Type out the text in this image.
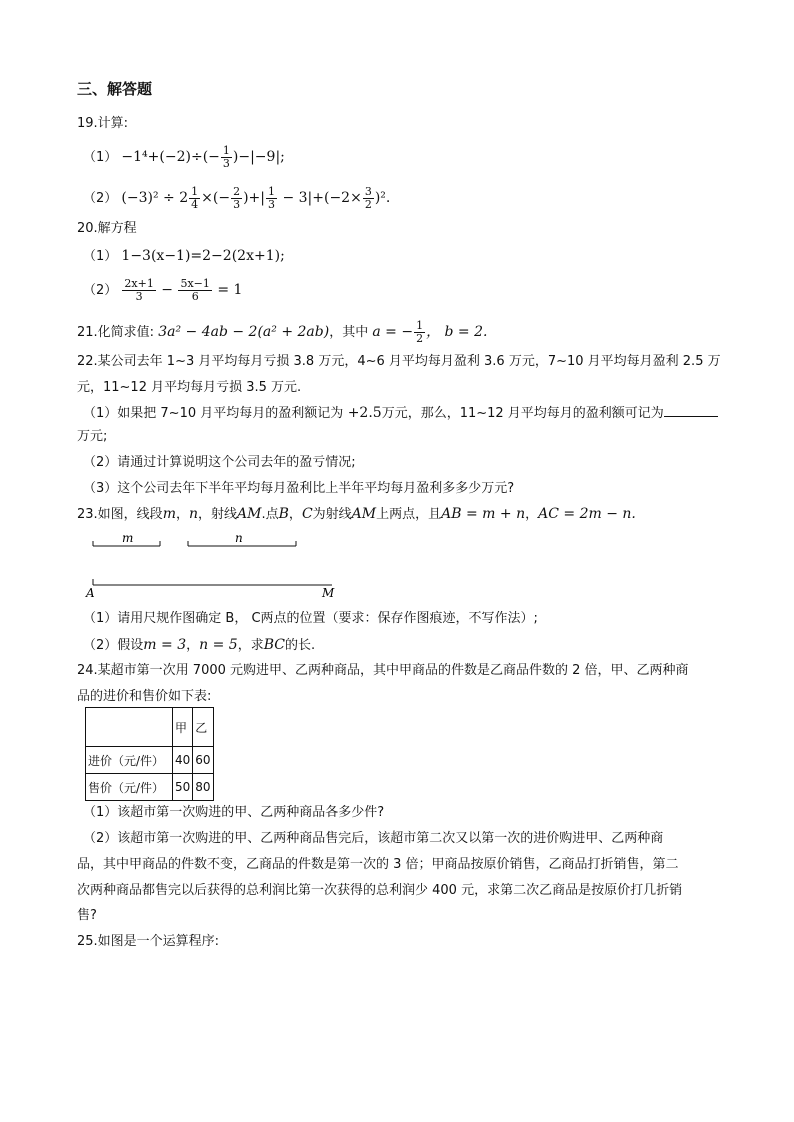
三、解答题
19.计算:
$(1) -1^4+(-2)\div(- \frac{1}{3} )-|-9|$;
（2） $(-3)^2 \div 2 \frac{1}{4}$ ×(− $\frac{2}{3}$ )+| $\frac{1}{3} - 3|+(-2\times \frac{3}{2} )^2$.
20.解方程
（1） 1−3(x−1)=2−2(2x+1);
$(2) \frac{2x+1}{3} - \frac{5x-1}{6} = 1$
21.化简求值: 3a² − 4ab − 2(a² + 2ab)，其中 a = − $\frac{1}{2}$ ， b = 2.
22.某公司去年 1~3 月平均每月亏损 3.8 万元，4~6 月平均每月盈利 3.6 万元，7~10 月平均每月盈利 2.5 万
元，11~12 月平均每月亏损 3.5 万元.
（1）如果把 7~10 月平均每月的盈利额记为 +2.5万元，那么，11~12 月平均每月的盈利额可记为
万元;
（2）请通过计算说明这个公司去年的盈亏情况;
（3）这个公司去年下半年平均每月盈利比上半年平均每月盈利多多少万元?
23.如图，线段m，n，射线AM.点B，C为射线AM上两点，且AB = m + n，AC = 2m − n.
m	n
A	M
（1）请用尺规作图确定 B， C两点的位置（要求：保存作图痕迹，不写作法）;
（2）假设m = 3，n = 5，求BC的长.
24.某超市第一次用 7000 元购进甲、乙两种商品，其中甲商品的件数是乙商品件数的 2 倍，甲、乙两种商
品的进价和售价如下表:
	甲	乙
进价（元/件）	40	60
售价（元/件）	50	80
（1）该超市第一次购进的甲、乙两种商品各多少件?
（2）该超市第一次购进的甲、乙两种商品售完后，该超市第二次又以第一次的进价购进甲、乙两种商
品，其中甲商品的件数不变，乙商品的件数是第一次的 3 倍；甲商品按原价销售，乙商品打折销售，第二
次两种商品都售完以后获得的总利润比第一次获得的总利润少 400 元，求第二次乙商品是按原价打几折销
售?
25.如图是一个运算程序:
